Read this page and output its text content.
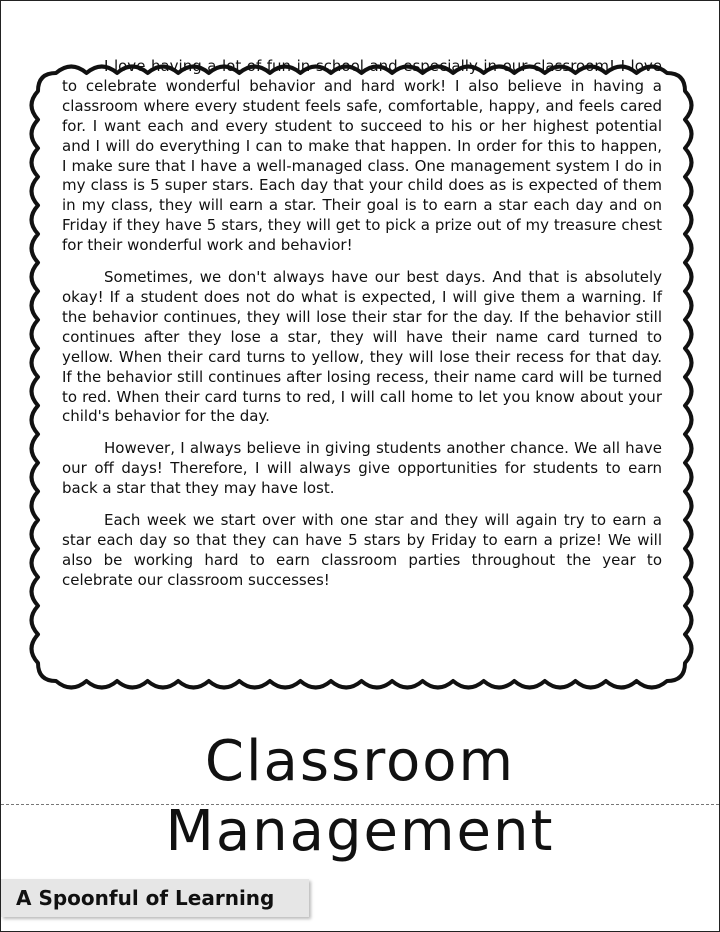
I love having a lot of fun in school and especially in our classroom! I love to celebrate wonderful behavior and hard work! I also believe in having a classroom where every student feels safe, comfortable, happy, and feels cared for. I want each and every student to succeed to his or her highest potential and I will do everything I can to make that happen. In order for this to happen, I make sure that I have a well-managed class. One management system I do in my class is 5 super stars. Each day that your child does as is expected of them in my class, they will earn a star. Their goal is to earn a star each day and on Friday if they have 5 stars, they will get to pick a prize out of my treasure chest for their wonderful work and behavior!

Sometimes, we don't always have our best days. And that is absolutely okay! If a student does not do what is expected, I will give them a warning. If the behavior continues, they will lose their star for the day. If the behavior still continues after they lose a star, they will have their name card turned to yellow. When their card turns to yellow, they will lose their recess for that day. If the behavior still continues after losing recess, their name card will be turned to red. When their card turns to red, I will call home to let you know about your child's behavior for the day.

However, I always believe in giving students another chance. We all have our off days! Therefore, I will always give opportunities for students to earn back a star that they may have lost.

Each week we start over with one star and they will again try to earn a star each day so that they can have 5 stars by Friday to earn a prize! We will also be working hard to earn classroom parties throughout the year to celebrate our classroom successes!

Classroom Management
A Spoonful of Learning
